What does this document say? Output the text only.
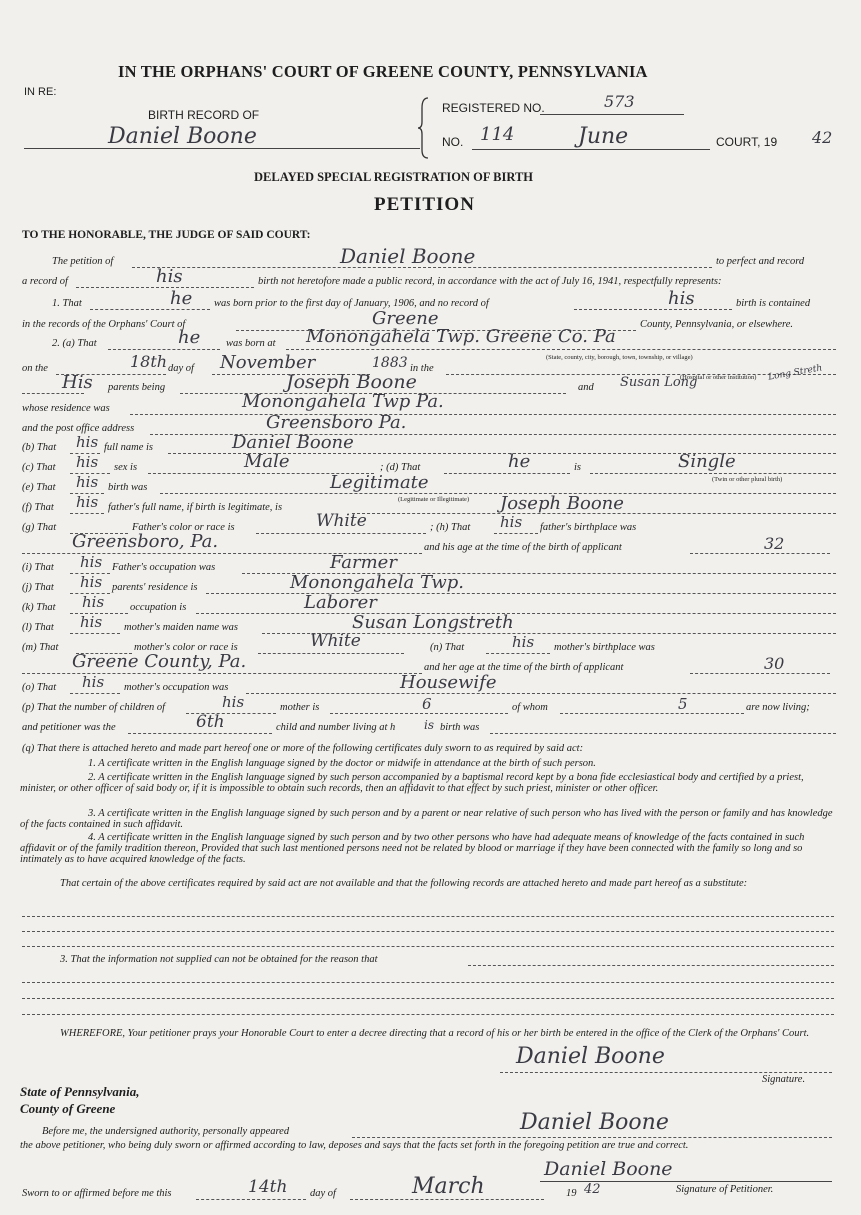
IN THE ORPHANS' COURT OF GREENE COUNTY, PENNSYLVANIA
IN RE:
BIRTH RECORD OF
Daniel Boone
REGISTERED NO.	573
NO. 114	June	COURT, 19 42
DELAYED SPECIAL REGISTRATION OF BIRTH
PETITION
TO THE HONORABLE, THE JUDGE OF SAID COURT:
The petition of	Daniel Boone	to perfect and record
a record of	his	birth not heretofore made a public record, in accordance with the act of July 16, 1941, respectfully represents:
1. That	he was born prior to the first day of January, 1906, and no record of	his	birth is contained
in the records of the Orphans' Court of	Greene	County, Pennsylvania, or elsewhere.
2. (a) That	he was born at Monongahela Twp. Greene Co. Pa
(State, county, city, borough, town, township, or village)
on the	18th day of November	1883 in the
His parents being	Joseph Boone	and Susan Long
(Hospital or other institution) Long Streth
whose residence was	Monongahela Twp Pa.
and the post office address	Greensboro Pa.
(b) That his full name is	Daniel Boone
(c) That his sex is	Male	; (d) That	he	is	Single
(Twin or other plural birth)
(e) That his birth was	Legitimate
(Legitimate or Illegitimate)
(f) That his father's full name, if birth is legitimate, is	Joseph Boone
(g) That	Father's color or race is	White	; (h) That his father's birthplace was
Greensboro, Pa.	and his age at the time of the birth of applicant	32
(i) That his Father's occupation was	Farmer
(j) That his parents' residence is	Monongahela Twp.
(k) That his occupation is	Laborer
(l) That his mother's maiden name was	Susan Longstreth
(m) That	mother's color or race is	White	(n) That	his mother's birthplace was
Greene County, Pa.	and her age at the time of the birth of applicant	30
(o) That his mother's occupation was	Housewife
(p) That the number of children of	his	mother is	6	of whom	5	are now living;
and petitioner was the	6th	child and number living at h is birth was
(q) That there is attached hereto and made part hereof one or more of the following certificates duly sworn to as required by said act:

1. A certificate written in the English language signed by the doctor or midwife in attendance at the birth of such person.

2. A certificate written in the English language signed by such person accompanied by a baptismal record kept by a bona fide ecclesiastical body and certified by a priest, minister, or other officer of said body or, if it is impossible to obtain such records, then an affidavit to that effect by such priest, minister or other officer.

3. A certificate written in the English language signed by such person and by a parent or near relative of such person who has lived with the person or family and has knowledge of the facts contained in such affidavit.

4. A certificate written in the English language signed by such person and by two other persons who have had adequate means of knowledge of the facts contained in such affidavit or of the family tradition thereon, Provided that such last mentioned persons need not be related by blood or marriage if they have been connected with the family so long and so intimately as to have acquired knowledge of the facts.

That certain of the above certificates required by said act are not available and that the following records are attached hereto and made part hereof as a substitute:

3. That the information not supplied can not be obtained for the reason that

WHEREFORE, Your petitioner prays your Honorable Court to enter a decree directing that a record of his or her birth be entered in the office of the Clerk of the Orphans' Court.

Daniel Boone
Signature.
State of Pennsylvania,
County of Greene
Before me, the undersigned authority, personally appeared	Daniel Boone

the above petitioner, who being duly sworn or affirmed according to law, deposes and says that the facts set forth in the foregoing petition are true and correct.

Daniel Boone
Signature of Petitioner.
Sworn to or affirmed before me this	14th day of	March	19 42
